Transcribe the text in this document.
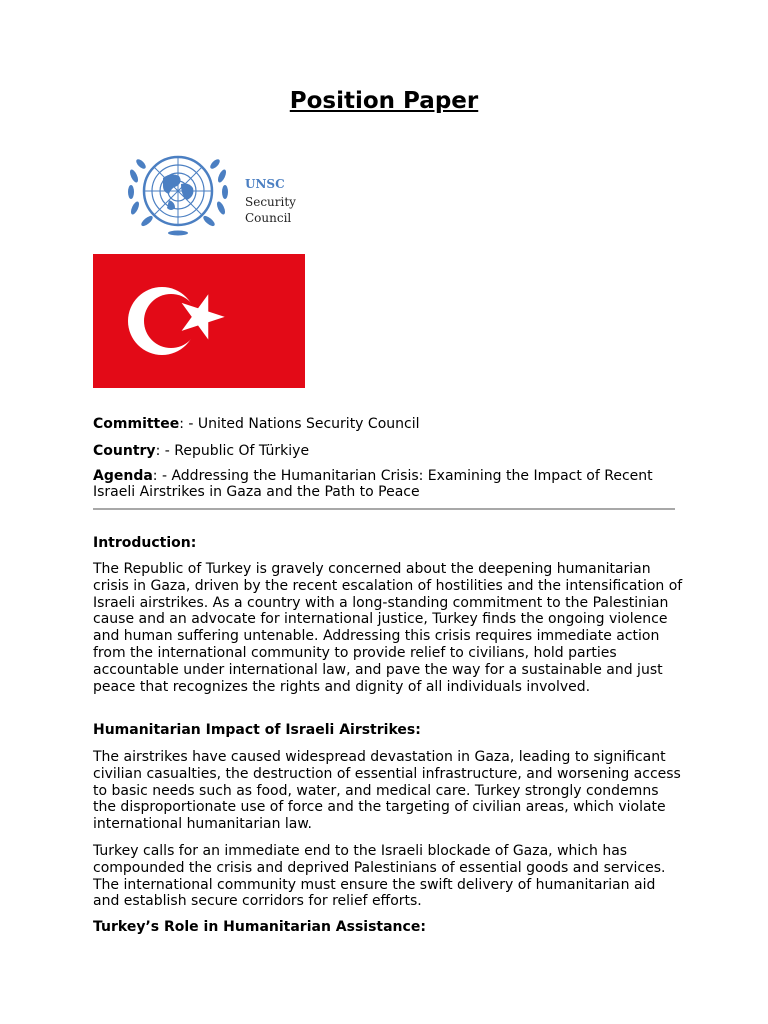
Position Paper
UNSC
Security Council
Committee: - United Nations Security Council
Country: - Republic Of Türkiye
Agenda: - Addressing the Humanitarian Crisis: Examining the Impact of Recent Israeli Airstrikes in Gaza and the Path to Peace
Introduction:
The Republic of Turkey is gravely concerned about the deepening humanitarian crisis in Gaza, driven by the recent escalation of hostilities and the intensification of Israeli airstrikes. As a country with a long-standing commitment to the Palestinian cause and an advocate for international justice, Turkey finds the ongoing violence and human suffering untenable. Addressing this crisis requires immediate action from the international community to provide relief to civilians, hold parties accountable under international law, and pave the way for a sustainable and just peace that recognizes the rights and dignity of all individuals involved.
Humanitarian Impact of Israeli Airstrikes:
The airstrikes have caused widespread devastation in Gaza, leading to significant civilian casualties, the destruction of essential infrastructure, and worsening access to basic needs such as food, water, and medical care. Turkey strongly condemns the disproportionate use of force and the targeting of civilian areas, which violate international humanitarian law.
Turkey calls for an immediate end to the Israeli blockade of Gaza, which has compounded the crisis and deprived Palestinians of essential goods and services. The international community must ensure the swift delivery of humanitarian aid and establish secure corridors for relief efforts.
Turkey’s Role in Humanitarian Assistance:
